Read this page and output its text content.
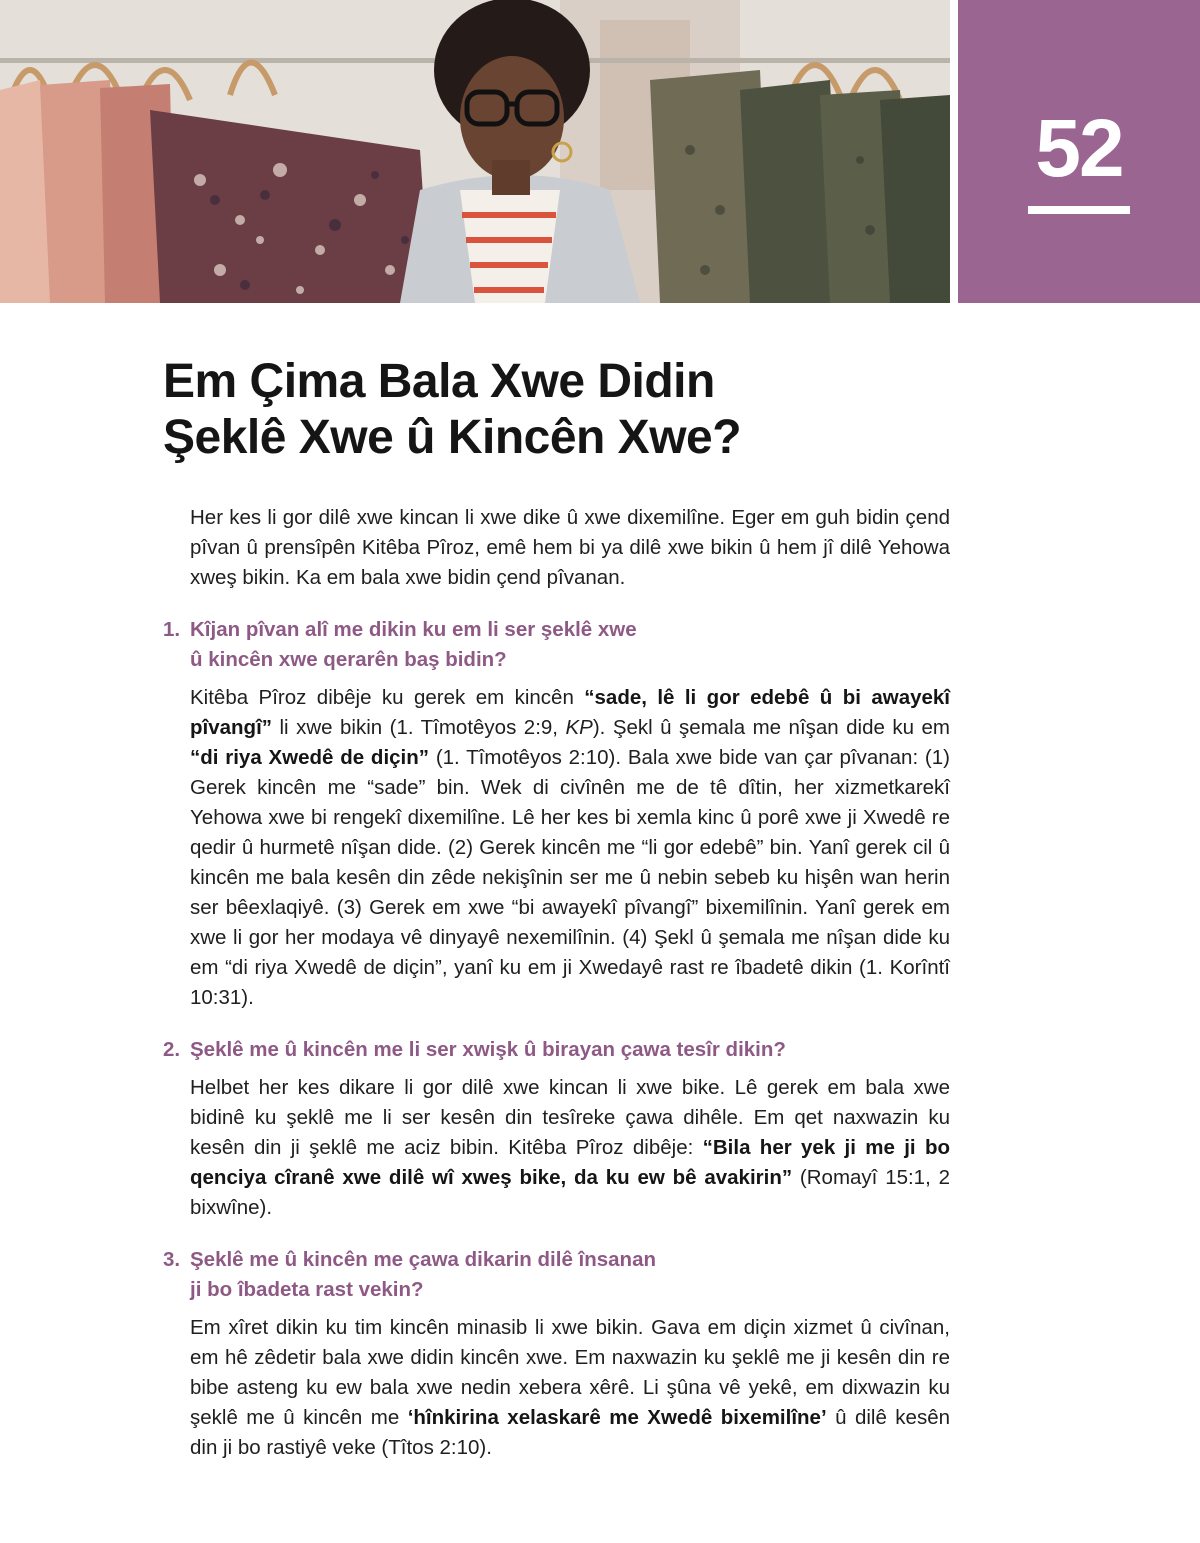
52
Em Çima Bala Xwe Didin
Şeklê Xwe û Kincên Xwe?

Her kes li gor dilê xwe kincan li xwe dike û xwe dixemilîne. Eger em guh bidin çend pîvan û prensîpên Kitêba Pîroz, emê hem bi ya dilê xwe bikin û hem jî dilê Yehowa xweş bikin. Ka em bala xwe bidin çend pîvanan.

1. Kîjan pîvan alî me dikin ku em li ser şeklê xwe
û kincên xwe qerarên baş bidin?

Kitêba Pîroz dibêje ku gerek em kincên “sade, lê li gor edebê û bi awayekî pîvangî” li xwe bikin (1. Tîmotêyos 2:9, KP). Şekl û şemala me nîşan dide ku em “di riya Xwedê de diçin” (1. Tîmotêyos 2:10). Bala xwe bide van çar pîvanan: (1) Gerek kincên me “sade” bin. Wek di civînên me de tê dîtin, her xizmetkarekî Yehowa xwe bi rengekî dixemilîne. Lê her kes bi xemla kinc û porê xwe ji Xwedê re qedir û hurmetê nîşan dide. (2) Gerek kincên me “li gor edebê” bin. Yanî gerek cil û kincên me bala kesên din zêde nekişînin ser me û nebin sebeb ku hişên wan herin ser bêexlaqiyê. (3) Gerek em xwe “bi awayekî pîvangî” bixemilînin. Yanî gerek em xwe li gor her modaya vê dinyayê nexemilînin. (4) Şekl û şemala me nîşan dide ku em “di riya Xwedê de diçin”, yanî ku em ji Xwedayê rast re îbadetê dikin (1. Korîntî 10:31).

2. Şeklê me û kincên me li ser xwişk û birayan çawa tesîr dikin?

Helbet her kes dikare li gor dilê xwe kincan li xwe bike. Lê gerek em bala xwe bidinê ku şeklê me li ser kesên din tesîreke çawa dihêle. Em qet naxwazin ku kesên din ji şeklê me aciz bibin. Kitêba Pîroz dibêje: “Bila her yek ji me ji bo qenciya cîranê xwe dilê wî xweş bike, da ku ew bê avakirin” (Romayî 15:1, 2 bixwîne).

3. Şeklê me û kincên me çawa dikarin dilê însanan
ji bo îbadeta rast vekin?

Em xîret dikin ku tim kincên minasib li xwe bikin. Gava em diçin xizmet û civînan, em hê zêdetir bala xwe didin kincên xwe. Em naxwazin ku şeklê me ji kesên din re bibe asteng ku ew bala xwe nedin xebera xêrê. Li şûna vê yekê, em dixwazin ku şeklê me û kincên me ‘hînkirina xelaskarê me Xwedê bixemilîne’ û dilê kesên din ji bo rastiyê veke (Tîtos 2:10).
